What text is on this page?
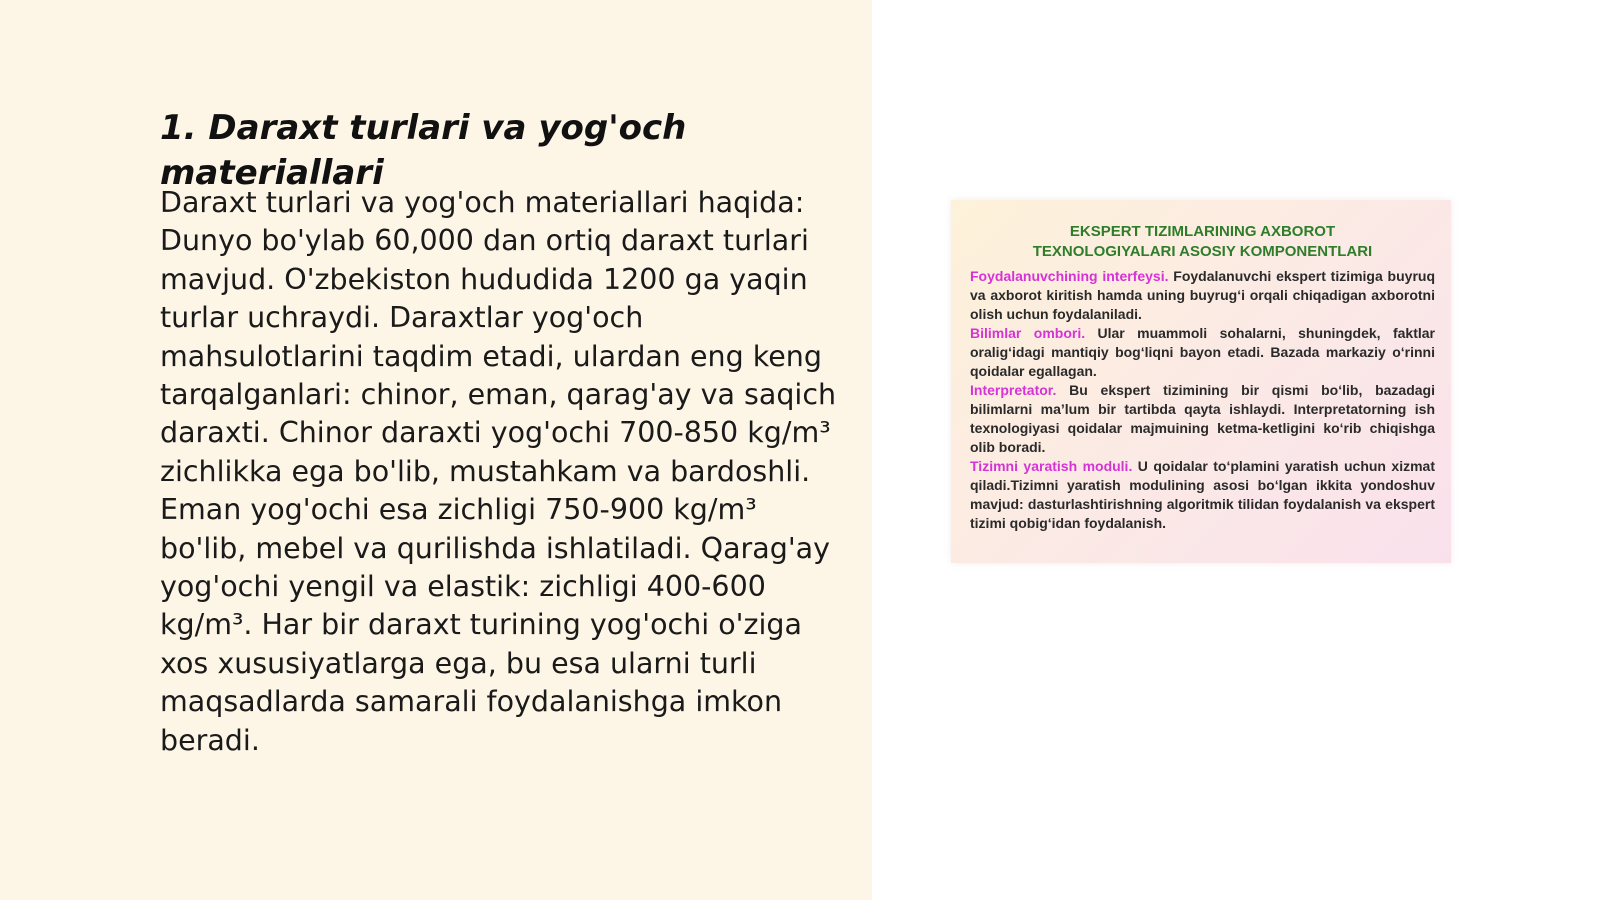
1. Daraxt turlari va yog'och materiallari

Daraxt turlari va yog'och materiallari haqida: Dunyo bo'ylab 60,000 dan ortiq daraxt turlari mavjud. O'zbekiston hududida 1200 ga yaqin turlar uchraydi. Daraxtlar yog'och mahsulotlarini taqdim etadi, ulardan eng keng tarqalganlari: chinor, eman, qarag'ay va saqich daraxti. Chinor daraxti yog'ochi 700-850 kg/m³ zichlikka ega bo'lib, mustahkam va bardoshli. Eman yog'ochi esa zichligi 750-900 kg/m³ bo'lib, mebel va qurilishda ishlatiladi. Qarag'ay yog'ochi yengil va elastik: zichligi 400-600 kg/m³. Har bir daraxt turining yog'ochi o'ziga xos xususiyatlarga ega, bu esa ularni turli maqsadlarda samarali foydalanishga imkon beradi.

EKSPERT TIZIMLARINING AXBOROT
TEXNOLOGIYALARI ASOSIY KOMPONENTLARI

Foydalanuvchining interfeysi. Foydalanuvchi ekspert tizimiga buyruq va axborot kiritish hamda uning buyrug‘i orqali chiqadigan axborotni olish uchun foydalaniladi.

Bilimlar ombori. Ular muammoli sohalarni, shuningdek, faktlar oralig‘idagi mantiqiy bog‘liqni bayon etadi. Bazada markaziy o‘rinni qoidalar egallagan.

Interpretator. Bu ekspert tizimining bir qismi bo‘lib, bazadagi bilimlarni ma’lum bir tartibda qayta ishlaydi. Interpretatorning ish texnologiyasi qoidalar majmuining ketma-ketligini ko‘rib chiqishga olib boradi.

Tizimni yaratish moduli. U qoidalar to‘plamini yaratish uchun xizmat qiladi.Tizimni yaratish modulining asosi bo‘lgan ikkita yondoshuv mavjud: dasturlashtirishning algoritmik tilidan foydalanish va ekspert tizimi qobig‘idan foydalanish.
